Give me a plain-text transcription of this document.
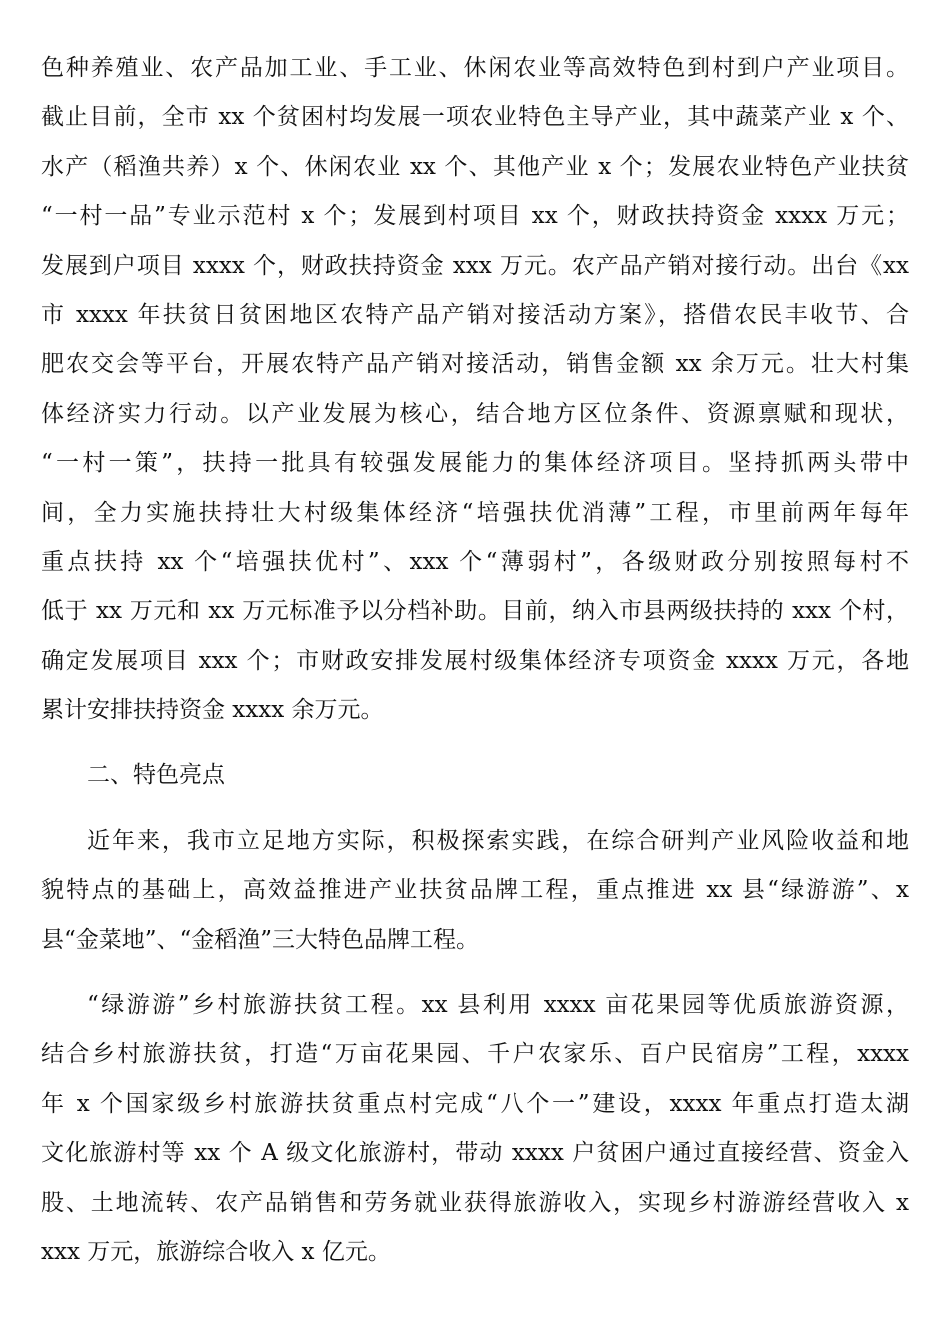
色种养殖业、农产品加工业、手工业、休闲农业等高效特色到村到户产业项目。
截止目前，全市 xx 个贫困村均发展一项农业特色主导产业，其中蔬菜产业 x 个、
水产（稻渔共养）x 个、休闲农业 xx 个、其他产业 x 个；发展农业特色产业扶贫
“一村一品”专业示范村 x 个；发展到村项目 xx 个，财政扶持资金 xxxx 万元；
发展到户项目 xxxx 个，财政扶持资金 xxx 万元。农产品产销对接行动。出台《xx
市 xxxx 年扶贫日贫困地区农特产品产销对接活动方案》，搭借农民丰收节、合
肥农交会等平台，开展农特产品产销对接活动，销售金额 xx 余万元。壮大村集
体经济实力行动。以产业发展为核心，结合地方区位条件、资源禀赋和现状，
“一村一策”，扶持一批具有较强发展能力的集体经济项目。坚持抓两头带中
间，全力实施扶持壮大村级集体经济“培强扶优消薄”工程，市里前两年每年
重点扶持 xx 个“培强扶优村”、xxx 个“薄弱村”，各级财政分别按照每村不
低于 xx 万元和 xx 万元标准予以分档补助。目前，纳入市县两级扶持的 xxx 个村，
确定发展项目 xxx 个；市财政安排发展村级集体经济专项资金 xxxx 万元，各地
累计安排扶持资金 xxxx 余万元。
二、特色亮点
近年来，我市立足地方实际，积极探索实践，在综合研判产业风险收益和地
貌特点的基础上，高效益推进产业扶贫品牌工程，重点推进 xx 县“绿游游”、x
县“金菜地”、“金稻渔”三大特色品牌工程。
“绿游游”乡村旅游扶贫工程。xx 县利用 xxxx 亩花果园等优质旅游资源，
结合乡村旅游扶贫，打造“万亩花果园、千户农家乐、百户民宿房”工程，xxxx
年 x 个国家级乡村旅游扶贫重点村完成“八个一”建设，xxxx 年重点打造太湖
文化旅游村等 xx 个 A 级文化旅游村，带动 xxxx 户贫困户通过直接经营、资金入
股、土地流转、农产品销售和劳务就业获得旅游收入，实现乡村游游经营收入 x
xxx 万元，旅游综合收入 x 亿元。
